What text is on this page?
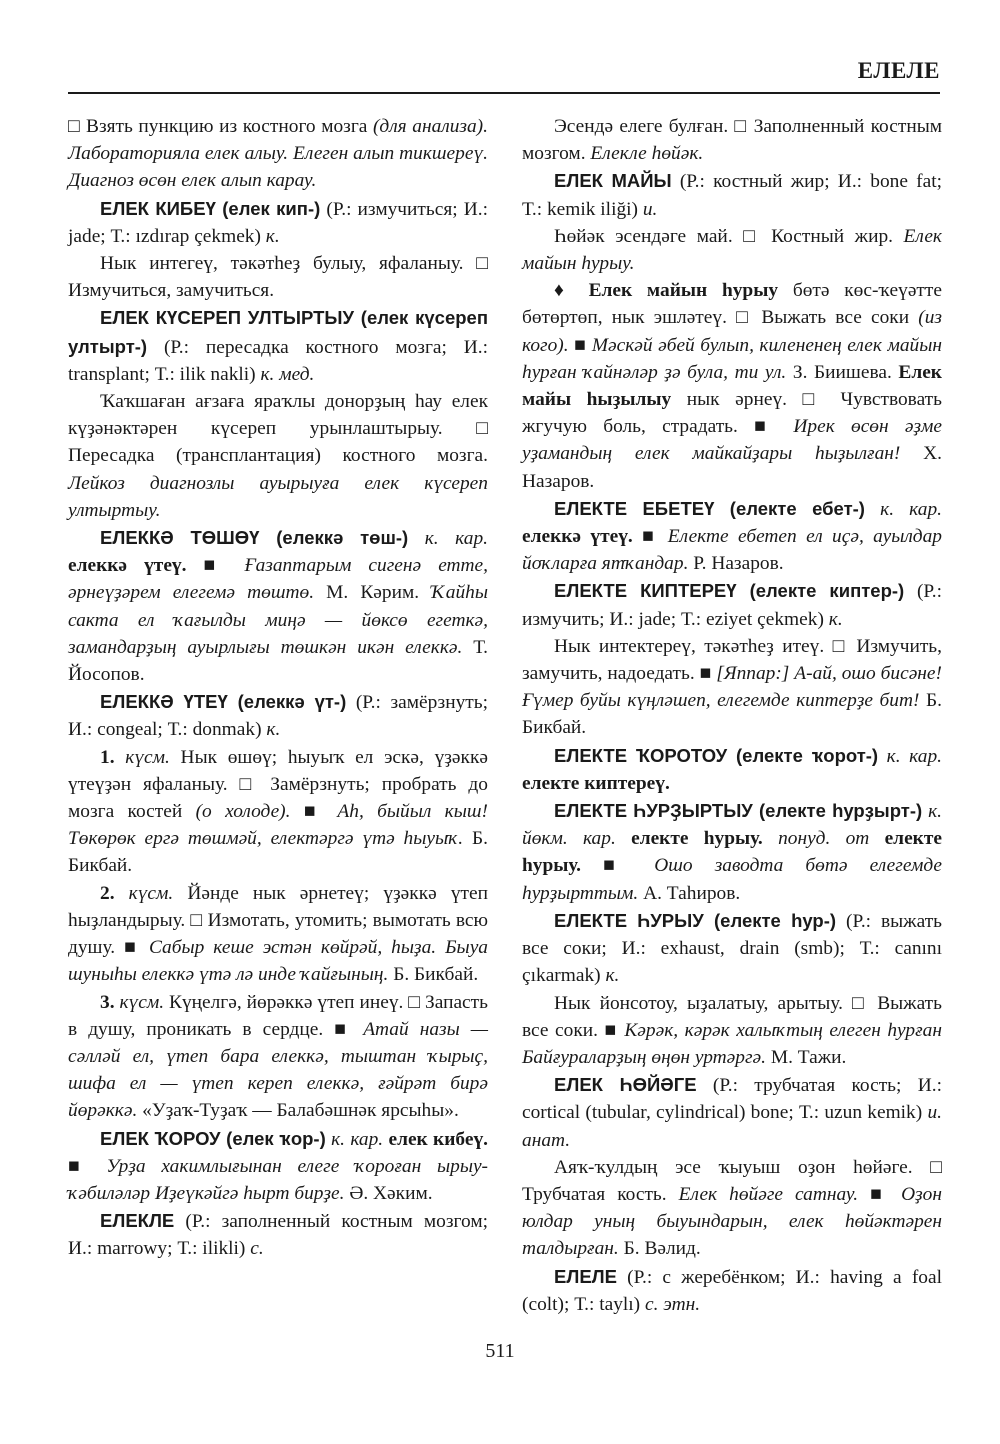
ЕЛЕЛЕ

□ Взять пункцию из костного мозга (для анализа). Лабораторияла елек алыу. Елеген алып тикшереү. Диагноз өсөн елек алып карау.

ЕЛЕК КИБЕҮ (елек кип-) (Р.: измучиться; И.: jade; Т.: ızdırap çekmek) к.

Нык интегеү, тәкәтһеҙ булыу, яфаланыу. □ Измучиться, замучиться.

ЕЛЕК КҮСЕРЕП УЛТЫРТЫУ (елек күсереп ултырт-) (Р.: пересадка костного мозга; И.: transplant; Т.: ilik nakli) к. мед.

Ҡаҡшаған ағзаға яраҡлы донорҙың һау елек күҙәнәктәрен күсереп урынлаштырыу. □ Пересадка (трансплантация) костного мозга. Лейкоз диагнозлы ауырыуға елек күсереп ултыртыу.

ЕЛЕККӘ ТӨШӨҮ (елеккә төш-) к. кар. елеккә үтеү. ■ Ғазаптарым сигенә етте, әрнеүҙәрем елегемә төштө. М. Кәрим. Ҡайһы сакта ел ҡағылды миңә — йөксө егеткә, замандарҙың ауырлығы төшкән икән елеккә. Т. Йосопов.

ЕЛЕККӘ ҮТЕҮ (елеккә үт-) (Р.: замёрзнуть; И.: congeal; Т.: donmak) к.

1. күсм. Нык өшөү; һыуыҡ ел эскә, үҙәккә үтеүҙән яфаланыу. □ Замёрзнуть; пробрать до мозга костей (о холоде). ■ Ah, быйыл кыш! Төкөрөк ергә төшмәй, електәргә үтә һыуыҡ. Б. Бикбай.

2. күсм. Йәнде нык әрнетеү; үҙәккә үтеп һыҙландырыу. □ Измотать, утомить; вымотать всю душу. ■ Сабыр кеше эстән көйрәй, һыҙа. Быуа шуныһы елеккә үтә лә инде ҡайғының. Б. Бикбай.

3. күсм. Күңелгә, йөрәккә үтеп инеү. □ Запасть в душу, проникать в сердце. ■ Атай назы — сәлләй ел, үтеп бара елеккә, тыштан ҡырыҫ, шифа ел — үтеп кереп елеккә, ғәйрәт бирә йөрәккә. «Уҙаҡ-Туҙаҡ — Балабәшнәк ярсыһы».

ЕЛЕК ҠОРОУ (елек ҡор-) к. кар. елек кибеү. ■ Урҙа хакимлығынан елеге ҡороған ырыу-ҡәбиләләр Иҙеүкәйгә һырт бирҙе. Ә. Хәким.

ЕЛЕКЛЕ (Р.: заполненный костным мозгом; И.: marrowy; Т.: ilikli) с.

Эсендә елеге булған. □ Заполненный костным мозгом. Елекле һөйәк.

ЕЛЕК МАЙЫ (Р.: костный жир; И.: bone fat; Т.: kemik iliği) и.

Һөйәк эсендәге май. □ Костный жир. Елек майын һурыу.

♦ Елек майын һурыу бөтә көс-ҡеүәтте бөтөртөп, нык эшләтеү. □ Выжать все соки (из кого). ■ Мәскәй әбей булып, килененең елек майын һурған ҡайнәләр ҙә була, ти ул. З. Биишева. Елек майы һыҙылыу нык әрнеү. □ Чувствовать жгучую боль, страдать. ■ Ирек өсөн әҙме уҙамандың елек майкайҙары һыҙылған! Х. Назаров.

ЕЛЕКТЕ ЕБЕТЕҮ (електе ебет-) к. кар. елеккә үтеү. ■ Електе ебетеп ел иҫә, ауылдар йоҡларға ятҡандар. Р. Назаров.

ЕЛЕКТЕ КИПТЕРЕҮ (електе киптер-) (Р.: измучить; И.: jade; Т.: eziyet çekmek) к.

Нык интектереү, тәкәтһеҙ итеү. □ Измучить, замучить, надоедать. ■ [Яппар:] А-ай, ошо бисәне! Ғүмер буйы күңләшеп, елегемде киптерҙе бит! Б. Бикбай.

ЕЛЕКТЕ ҠОРОТОУ (електе ҡорот-) к. кар. електе киптереү.

ЕЛЕКТЕ ҺУРҘЫРТЫУ (електе һурҙырт-) к. йөкм. кар. електе һурыу. понуд. от електе һурыу. ■ Ошо заводта бөтә елегемде һурҙырттым. А. Таһиров.

ЕЛЕКТЕ ҺУРЫУ (електе һур-) (Р.: выжать все соки; И.: exhaust, drain (smb); Т.: canını çıkarmak) к.

Нык йонсотоу, ыҙалатыу, арытыу. □ Выжать все соки. ■ Кәрәк, кәрәк халыҡтың елеген һурған Байғураларҙың өңөн уртәргә. М. Тажи.

ЕЛЕК ҺӨЙӘГЕ (Р.: трубчатая кость; И.: cortical (tubular, cylindrical) bone; Т.: uzun kemik) и. анат.

Аяҡ-ҡулдың эсе ҡыуыш оҙон һөйәге. □ Трубчатая кость. Елек һөйәге сатнау. ■ Оҙон юлдар уның быуындарын, елек һөйәктәрен талдырған. Б. Вәлид.

ЕЛЕЛЕ (Р.: с жеребёнком; И.: having a foal (colt); Т.: taylı) с. этн.

511
